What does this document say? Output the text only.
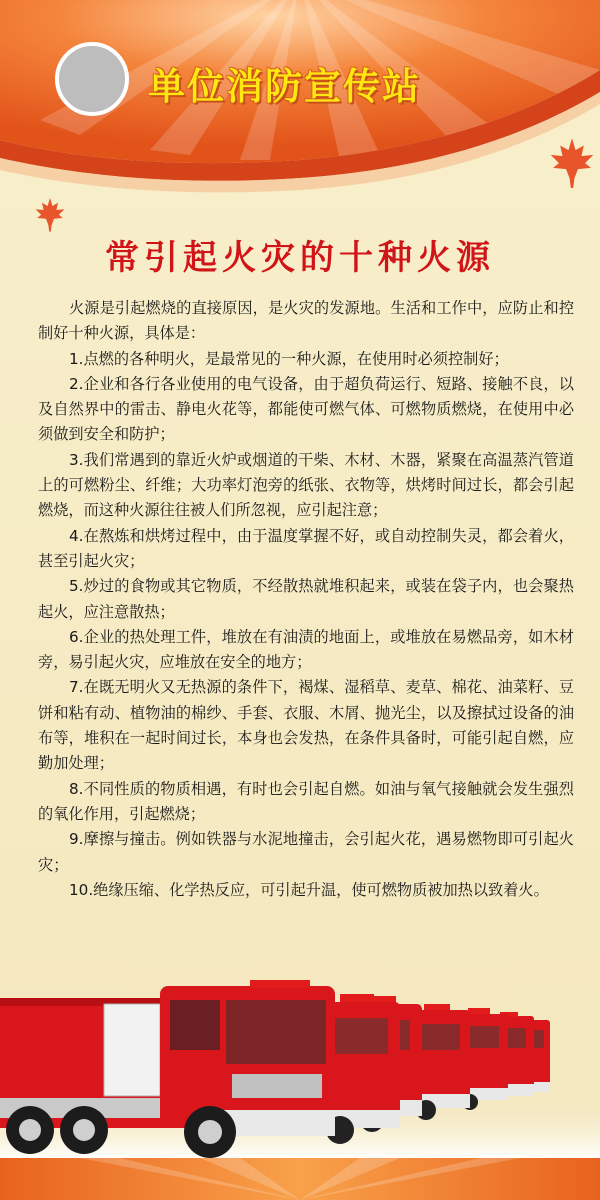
单位消防宣传站
常引起火灾的十种火源

火源是引起燃烧的直接原因，是火灾的发源地。生活和工作中，应防止和控制好十种火源，具体是：

1.点燃的各种明火，是最常见的一种火源，在使用时必须控制好；

2.企业和各行各业使用的电气设备，由于超负荷运行、短路、接触不良，以及自然界中的雷击、静电火花等，都能使可燃气体、可燃物质燃烧，在使用中必须做到安全和防护；

3.我们常遇到的靠近火炉或烟道的干柴、木材、木器，紧聚在高温蒸汽管道上的可燃粉尘、纤维；大功率灯泡旁的纸张、衣物等，烘烤时间过长，都会引起燃烧，而这种火源往往被人们所忽视，应引起注意；

4.在熬炼和烘烤过程中，由于温度掌握不好，或自动控制失灵，都会着火，甚至引起火灾；

5.炒过的食物或其它物质，不经散热就堆积起来，或装在袋子内，也会聚热起火，应注意散热；

6.企业的热处理工件，堆放在有油渍的地面上，或堆放在易燃品旁，如木材旁，易引起火灾，应堆放在安全的地方；

7.在既无明火又无热源的条件下，褐煤、湿稻草、麦草、棉花、油菜籽、豆饼和粘有动、植物油的棉纱、手套、衣服、木屑、抛光尘，以及擦拭过设备的油布等，堆积在一起时间过长，本身也会发热，在条件具备时，可能引起自燃，应勤加处理；

8.不同性质的物质相遇，有时也会引起自燃。如油与氧气接触就会发生强烈的氧化作用，引起燃烧；

9.摩擦与撞击。例如铁器与水泥地撞击，会引起火花，遇易燃物即可引起火灾；

10.绝缘压缩、化学热反应，可引起升温，使可燃物质被加热以致着火。
